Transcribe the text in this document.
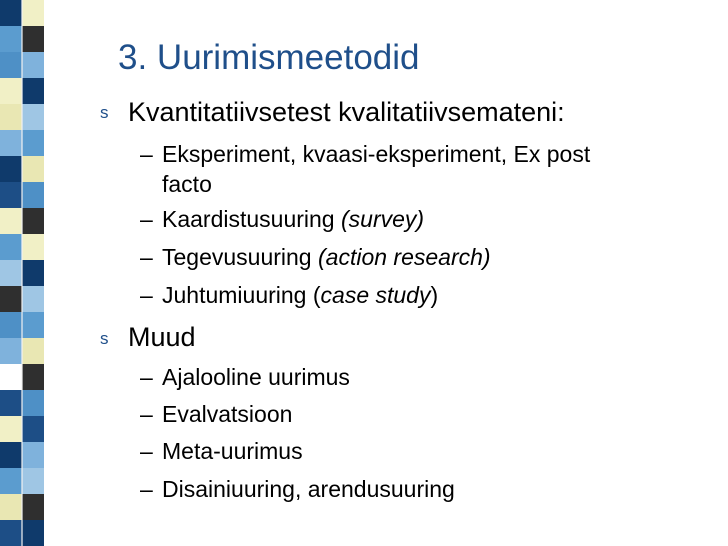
3. Uurimismeetodid
s Kvantitatiivsetest kvalitatiivsemateni:
– Eksperiment, kvaasi-eksperiment, Ex post
facto
– Kaardistusuuring (survey)
– Tegevusuuring (action research)
– Juhtumiuuring (case study)
s Muud
– Ajalooline uurimus
– Evalvatsioon
– Meta-uurimus
– Disainiuuring, arendusuuring
